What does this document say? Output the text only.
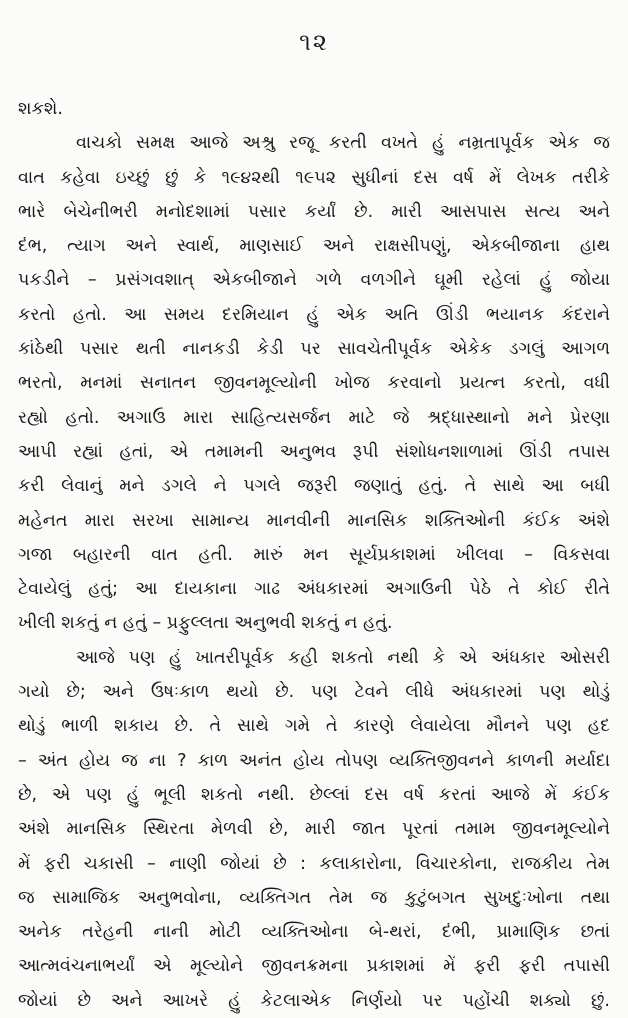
૧૨
શકશે.
વાચકો સમક્ષ આજે અશ્રુ રજૂ કરતી વખતે હું નમ્રતાપૂર્વક એક જ
વાત કહેવા ઇચ્છું છું કે ૧૯૪૨થી ૧૯૫૨ સુધીનાં દસ વર્ષ મેં લેખક તરીકે
ભારે બેચેનીભરી મનોદશામાં પસાર કર્યાં છે. મારી આસપાસ સત્ય અને
દંભ, ત્યાગ અને સ્વાર્થ, માણસાઈ અને રાક્ષસીપણું, એકબીજાના હાથ
પકડીને – પ્રસંગવશાત્ એકબીજાને ગળે વળગીને ઘૂમી રહેલાં હું જોયા
કરતો હતો. આ સમય દરમિયાન હું એક અતિ ઊંડી ભયાનક કંદરાને
કાંઠેથી પસાર થતી નાનકડી કેડી પર સાવચેતીપૂર્વક એકેક ડગલું આગળ
ભરતો, મનમાં સનાતન જીવનમૂલ્યોની ખોજ કરવાનો પ્રયત્ન કરતો, વધી
રહ્યો હતો. અગાઉ મારા સાહિત્યસર્જન માટે જે શ્રદ્ધાસ્થાનો મને પ્રેરણા
આપી રહ્યાં હતાં, એ તમામની અનુભવ રૂપી સંશોધનશાળામાં ઊંડી તપાસ
કરી લેવાનું મને ડગલે ને પગલે જરૂરી જણાતું હતું. તે સાથે આ બધી
મહેનત મારા સરખા સામાન્ય માનવીની માનસિક શક્તિઓની કંઈક અંશે
ગજા બહારની વાત હતી. મારું મન સૂર્યપ્રકાશમાં ખીલવા – વિકસવા
ટેવાયેલું હતું; આ દાયકાના ગાઢ અંધકારમાં અગાઉની પેઠે તે કોઈ રીતે
ખીલી શકતું ન હતું – પ્રફુલ્લતા અનુભવી શકતું ન હતું.
આજે પણ હું ખાતરીપૂર્વક કહી શકતો નથી કે એ અંધકાર ઓસરી
ગયો છે; અને ઉષઃકાળ થયો છે. પણ ટેવને લીધે અંધકારમાં પણ થોડું
થોડું ભાળી શકાય છે. તે સાથે ગમે તે કારણે લેવાયેલા મૌનને પણ હદ
– અંત હોય જ ના ? કાળ અનંત હોય તોપણ વ્યક્તિજીવનને કાળની મર્યાદા
છે, એ પણ હું ભૂલી શકતો નથી. છેલ્લાં દસ વર્ષ કરતાં આજે મેં કંઈક
અંશે માનસિક સ્થિરતા મેળવી છે, મારી જાત પૂરતાં તમામ જીવનમૂલ્યોને
મેં ફરી ચકાસી – નાણી જોયાં છે : કલાકારોના, વિચારકોના, રાજકીય તેમ
જ સામાજિક અનુભવોના, વ્યક્તિગત તેમ જ કુટુંબગત સુખદુઃખોના તથા
અનેક તરેહની નાની મોટી વ્યક્તિઓના બે-થરાં, દંભી, પ્રામાણિક છતાં
આત્મવંચનાભર્યાં એ મૂલ્યોને જીવનક્રમના પ્રકાશમાં મેં ફરી ફરી તપાસી
જોયાં છે અને આખરે હું કેટલાએક નિર્ણયો પર પહોંચી શક્યો છું.
